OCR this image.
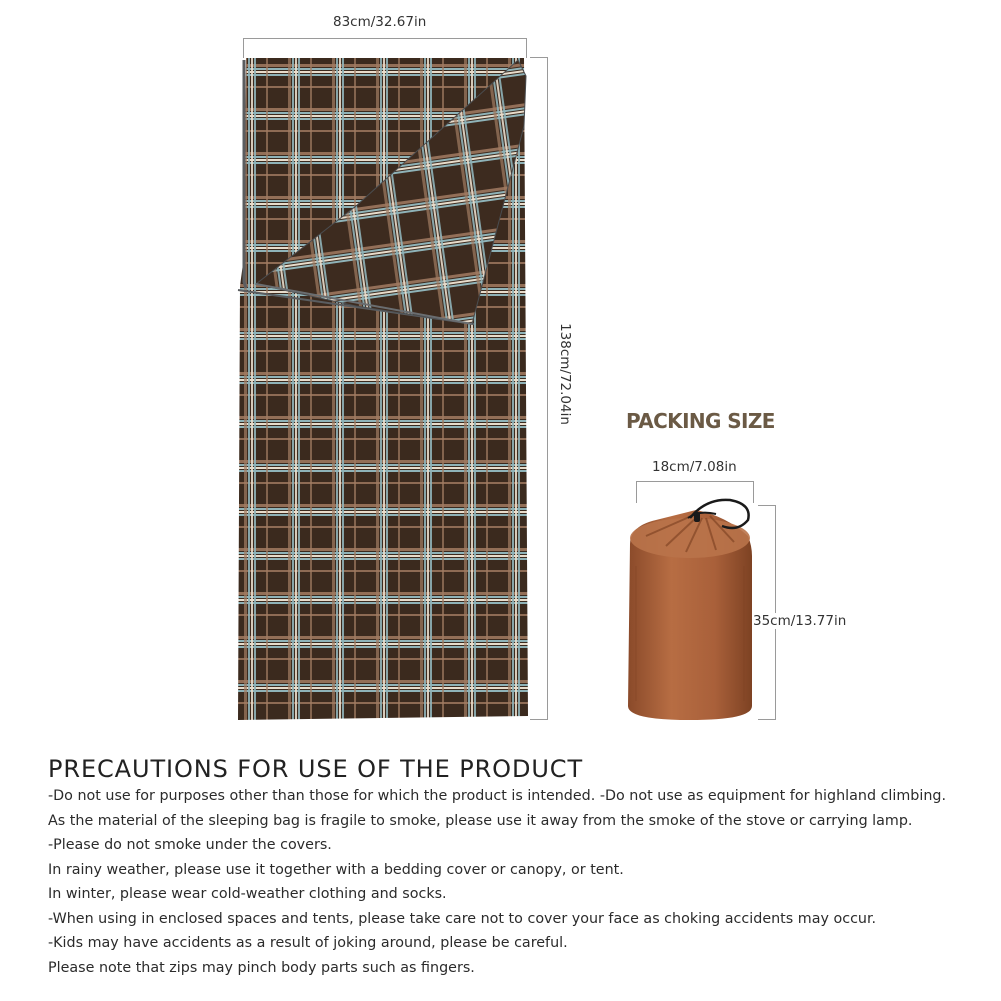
83cm/32.67in
138cm/72.04in	PACKING SIZE
18cm/7.08in
35cm/13.77in
PRECAUTIONS FOR USE OF THE PRODUCT
-Do not use for purposes other than those for which the product is intended. -Do not use as equipment for highland climbing.
As the material of the sleeping bag is fragile to smoke, please use it away from the smoke of the stove or carrying lamp.
-Please do not smoke under the covers.
In rainy weather, please use it together with a bedding cover or canopy, or tent.
In winter, please wear cold-weather clothing and socks.
-When using in enclosed spaces and tents, please take care not to cover your face as choking accidents may occur.
-Kids may have accidents as a result of joking around, please be careful.
Please note that zips may pinch body parts such as fingers.
